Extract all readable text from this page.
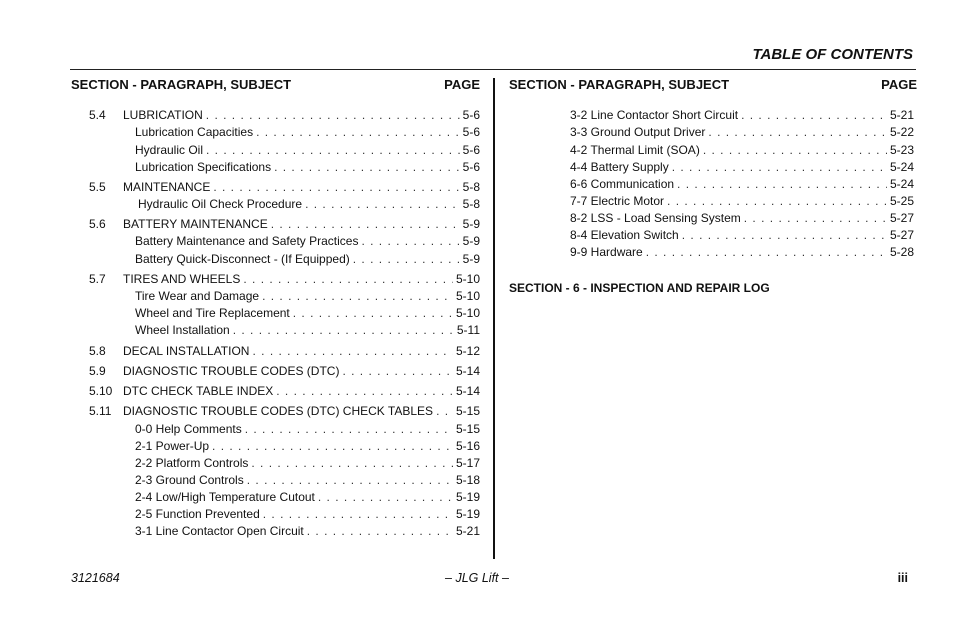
TABLE OF CONTENTS
SECTION - PARAGRAPH, SUBJECT	PAGE SECTION - PARAGRAPH, SUBJECT	PAGE
5.4	LUBRICATION . . .	5-6
Lubrication Capacities . . .	5-6
Hydraulic Oil . . .	5-6
Lubrication Specifications . . .	5-6
5.5	MAINTENANCE . . .	5-8
Hydraulic Oil Check Procedure . . .	5-8
5.6	BATTERY MAINTENANCE . . .	5-9
Battery Maintenance and Safety Practices . . .	5-9
Battery Quick-Disconnect - (If Equipped) . . .	5-9
5.7	TIRES AND WHEELS . . .	5-10
Tire Wear and Damage . . .	5-10
Wheel and Tire Replacement . . .	5-10
Wheel Installation . . .	5-11
5.8	DECAL INSTALLATION . . .	5-12
5.9	DIAGNOSTIC TROUBLE CODES (DTC) . . .	5-14
5.10 DTC CHECK TABLE INDEX . . .	5-14
5.11 DIAGNOSTIC TROUBLE CODES (DTC) CHECK TABLES . . . 5-15
0-0 Help Comments . . .	5-15
2-1 Power-Up . . .	5-16
2-2 Platform Controls . . .	5-17
2-3 Ground Controls . . .	5-18
2-4 Low/High Temperature Cutout . . .	5-19
2-5 Function Prevented . . .	5-19
3-1 Line Contactor Open Circuit . . .	5-21
3-2 Line Contactor Short Circuit . . .	5-21
3-3 Ground Output Driver . . .	5-22
4-2 Thermal Limit (SOA) . . .	5-23
4-4 Battery Supply . . .	5-24
6-6 Communication . . .	5-24
7-7 Electric Motor . . .	5-25
8-2 LSS - Load Sensing System . . .	5-27
8-4 Elevation Switch . . .	5-27
9-9 Hardware . . .	5-28
SECTION - 6 - INSPECTION AND REPAIR LOG
3121684	– JLG Lift –	iii
